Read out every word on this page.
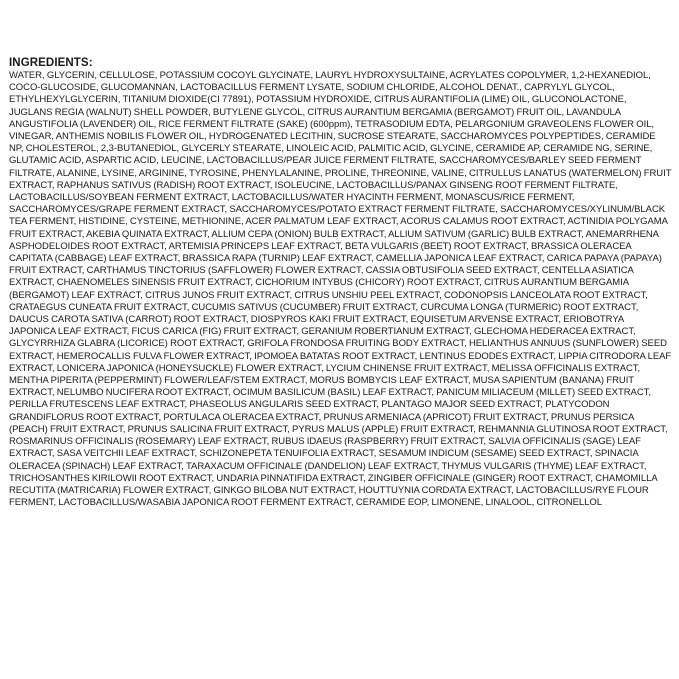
INGREDIENTS:

WATER, GLYCERIN, CELLULOSE, POTASSIUM COCOYL GLYCINATE, LAURYL HYDROXYSULTAINE, ACRYLATES COPOLYMER, 1,2-HEXANEDIOL, COCO-GLUCOSIDE, GLUCOMANNAN, LACTOBACILLUS FERMENT LYSATE, SODIUM CHLORIDE, ALCOHOL DENAT., CAPRYLYL GLYCOL, ETHYLHEXYLGLYCERIN, TITANIUM DIOXIDE(CI 77891), POTASSIUM HYDROXIDE, CITRUS AURANTIFOLIA (LIME) OIL, GLUCONOLACTONE, JUGLANS REGIA (WALNUT) SHELL POWDER, BUTYLENE GLYCOL, CITRUS AURANTIUM BERGAMIA (BERGAMOT) FRUIT OIL, LAVANDULA ANGUSTIFOLIA (LAVENDER) OIL, RICE FERMENT FILTRATE (SAKE) (600ppm), TETRASODIUM EDTA, PELARGONIUM GRAVEOLENS FLOWER OIL, VINEGAR, ANTHEMIS NOBILIS FLOWER OIL, HYDROGENATED LECITHIN, SUCROSE STEARATE, SACCHAROMYCES POLYPEPTIDES, CERAMIDE NP, CHOLESTEROL, 2,3-BUTANEDIOL, GLYCERLY STEARATE, LINOLEIC ACID, PALMITIC ACID, GLYCINE, CERAMIDE AP, CERAMIDE NG, SERINE, GLUTAMIC ACID, ASPARTIC ACID, LEUCINE, LACTOBACILLUS/PEAR JUICE FERMENT FILTRATE, SACCHAROMYCES/BARLEY SEED FERMENT FILTRATE, ALANINE, LYSINE, ARGININE, TYROSINE, PHENYLALANINE, PROLINE, THREONINE, VALINE, CITRULLUS LANATUS (WATERMELON) FRUIT EXTRACT, RAPHANUS SATIVUS (RADISH) ROOT EXTRACT, ISOLEUCINE, LACTOBACILLUS/PANAX GINSENG ROOT FERMENT FILTRATE, LACTOBACILLUS/SOYBEAN FERMENT EXTRACT, LACTOBACILLUS/WATER HYACINTH FERMENT, MONASCUS/RICE FERMENT, SACCHAROMYCES/GRAPE FERMENT EXTRACT, SACCHAROMYCES/POTATO EXTRACT FERMENT FILTRATE, SACCHAROMYCES/XYLINUM/BLACK TEA FERMENT, HISTIDINE, CYSTEINE, METHIONINE, ACER PALMATUM LEAF EXTRACT, ACORUS CALAMUS ROOT EXTRACT, ACTINIDIA POLYGAMA FRUIT EXTRACT, AKEBIA QUINATA EXTRACT, ALLIUM CEPA (ONION) BULB EXTRACT, ALLIUM SATIVUM (GARLIC) BULB EXTRACT, ANEMARRHENA ASPHODELOIDES ROOT EXTRACT, ARTEMISIA PRINCEPS LEAF EXTRACT, BETA VULGARIS (BEET) ROOT EXTRACT, BRASSICA OLERACEA CAPITATA (CABBAGE) LEAF EXTRACT, BRASSICA RAPA (TURNIP) LEAF EXTRACT, CAMELLIA JAPONICA LEAF EXTRACT, CARICA PAPAYA (PAPAYA) FRUIT EXTRACT, CARTHAMUS TINCTORIUS (SAFFLOWER) FLOWER EXTRACT, CASSIA OBTUSIFOLIA SEED EXTRACT, CENTELLA ASIATICA EXTRACT, CHAENOMELES SINENSIS FRUIT EXTRACT, CICHORIUM INTYBUS (CHICORY) ROOT EXTRACT, CITRUS AURANTIUM BERGAMIA (BERGAMOT) LEAF EXTRACT, CITRUS JUNOS FRUIT EXTRACT, CITRUS UNSHIU PEEL EXTRACT, CODONOPSIS LANCEOLATA ROOT EXTRACT, CRATAEGUS CUNEATA FRUIT EXTRACT, CUCUMIS SATIVUS (CUCUMBER) FRUIT EXTRACT, CURCUMA LONGA (TURMERIC) ROOT EXTRACT, DAUCUS CAROTA SATIVA (CARROT) ROOT EXTRACT, DIOSPYROS KAKI FRUIT EXTRACT, EQUISETUM ARVENSE EXTRACT, ERIOBOTRYA JAPONICA LEAF EXTRACT, FICUS CARICA (FIG) FRUIT EXTRACT, GERANIUM ROBERTIANUM EXTRACT, GLECHOMA HEDERACEA EXTRACT, GLYCYRRHIZA GLABRA (LICORICE) ROOT EXTRACT, GRIFOLA FRONDOSA FRUITING BODY EXTRACT, HELIANTHUS ANNUUS (SUNFLOWER) SEED EXTRACT, HEMEROCALLIS FULVA FLOWER EXTRACT, IPOMOEA BATATAS ROOT EXTRACT, LENTINUS EDODES EXTRACT, LIPPIA CITRODORA LEAF EXTRACT, LONICERA JAPONICA (HONEYSUCKLE) FLOWER EXTRACT, LYCIUM CHINENSE FRUIT EXTRACT, MELISSA OFFICINALIS EXTRACT, MENTHA PIPERITA (PEPPERMINT) FLOWER/LEAF/STEM EXTRACT, MORUS BOMBYCIS LEAF EXTRACT, MUSA SAPIENTUM (BANANA) FRUIT EXTRACT, NELUMBO NUCIFERA ROOT EXTRACT, OCIMUM BASILICUM (BASIL) LEAF EXTRACT, PANICUM MILIACEUM (MILLET) SEED EXTRACT, PERILLA FRUTESCENS LEAF EXTRACT, PHASEOLUS ANGULARIS SEED EXTRACT, PLANTAGO MAJOR SEED EXTRACT, PLATYCODON GRANDIFLORUS ROOT EXTRACT, PORTULACA OLERACEA EXTRACT, PRUNUS ARMENIACA (APRICOT) FRUIT EXTRACT, PRUNUS PERSICA (PEACH) FRUIT EXTRACT, PRUNUS SALICINA FRUIT EXTRACT, PYRUS MALUS (APPLE) FRUIT EXTRACT, REHMANNIA GLUTINOSA ROOT EXTRACT, ROSMARINUS OFFICINALIS (ROSEMARY) LEAF EXTRACT, RUBUS IDAEUS (RASPBERRY) FRUIT EXTRACT, SALVIA OFFICINALIS (SAGE) LEAF EXTRACT, SASA VEITCHII LEAF EXTRACT, SCHIZONEPETA TENUIFOLIA EXTRACT, SESAMUM INDICUM (SESAME) SEED EXTRACT, SPINACIA OLERACEA (SPINACH) LEAF EXTRACT, TARAXACUM OFFICINALE (DANDELION) LEAF EXTRACT, THYMUS VULGARIS (THYME) LEAF EXTRACT, TRICHOSANTHES KIRILOWII ROOT EXTRACT, UNDARIA PINNATIFIDA EXTRACT, ZINGIBER OFFICINALE (GINGER) ROOT EXTRACT, CHAMOMILLA RECUTITA (MATRICARIA) FLOWER EXTRACT, GINKGO BILOBA NUT EXTRACT, HOUTTUYNIA CORDATA EXTRACT, LACTOBACILLUS/RYE FLOUR FERMENT, LACTOBACILLUS/WASABIA JAPONICA ROOT FERMENT EXTRACT, CERAMIDE EOP, LIMONENE, LINALOOL, CITRONELLOL
